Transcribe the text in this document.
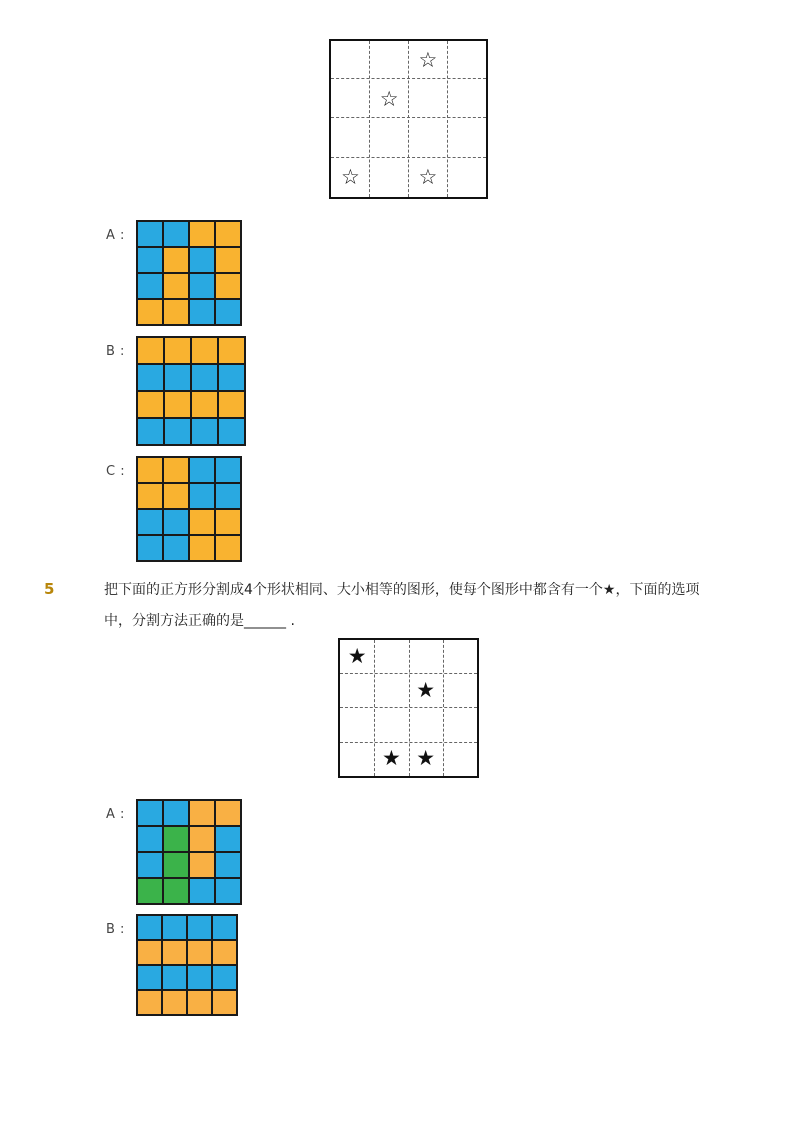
☆
☆
☆	☆
A :
B :
C :
5	把下面的正方形分割成4个形状相同、大小相等的图形，使每个图形中都含有一个★，下面的选项
中，分割方法正确的是______ .
★
★
★ ★
A :
B :
